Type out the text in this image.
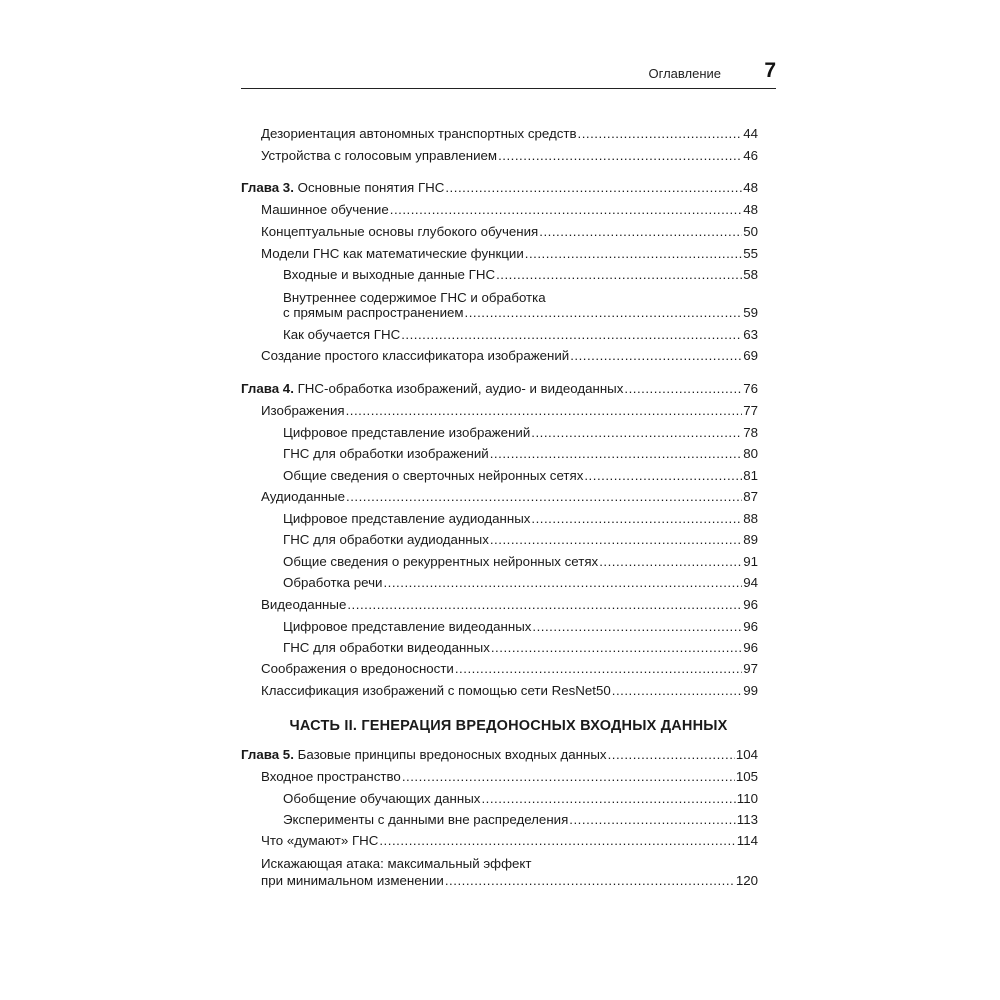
Оглавление 7
Дезориентация автономных транспортных средств .....	44
Устройства с голосовым управлением .....	46
Глава 3. Основные понятия ГНС .....	48
Машинное обучение .....	48
Концептуальные основы глубокого обучения .....	50
Модели ГНС как математические функции .....	55
Входные и выходные данные ГНС .....	58
Внутреннее содержимое ГНС и обработка
с прямым распространением .....	59
Как обучается ГНС .....	63
Создание простого классификатора изображений .....	69
Глава 4. ГНС-обработка изображений, аудио- и видеоданных .....	76
Изображения .....	77
Цифровое представление изображений .....	78
ГНС для обработки изображений .....	80
Общие сведения о сверточных нейронных сетях .....	81
Аудиоданные .....	87
Цифровое представление аудиоданных .....	88
ГНС для обработки аудиоданных .....	89
Общие сведения о рекуррентных нейронных сетях .....	91
Обработка речи .....	94
Видеоданные .....	96
Цифровое представление видеоданных .....	96
ГНС для обработки видеоданных .....	96
Соображения о вредоносности .....	97
Классификация изображений с помощью сети ResNet50 .....	99
Глава 5. Базовые принципы вредоносных входных данных .....	104
Входное пространство .....	105
Обобщение обучающих данных .....	110
Эксперименты с данными вне распределения .....	113
Что «думают» ГНС .....	114
Искажающая атака: максимальный эффект
при минимальном изменении .....	120
ЧАСТЬ II. ГЕНЕРАЦИЯ ВРЕДОНОСНЫХ ВХОДНЫХ ДАННЫХ
